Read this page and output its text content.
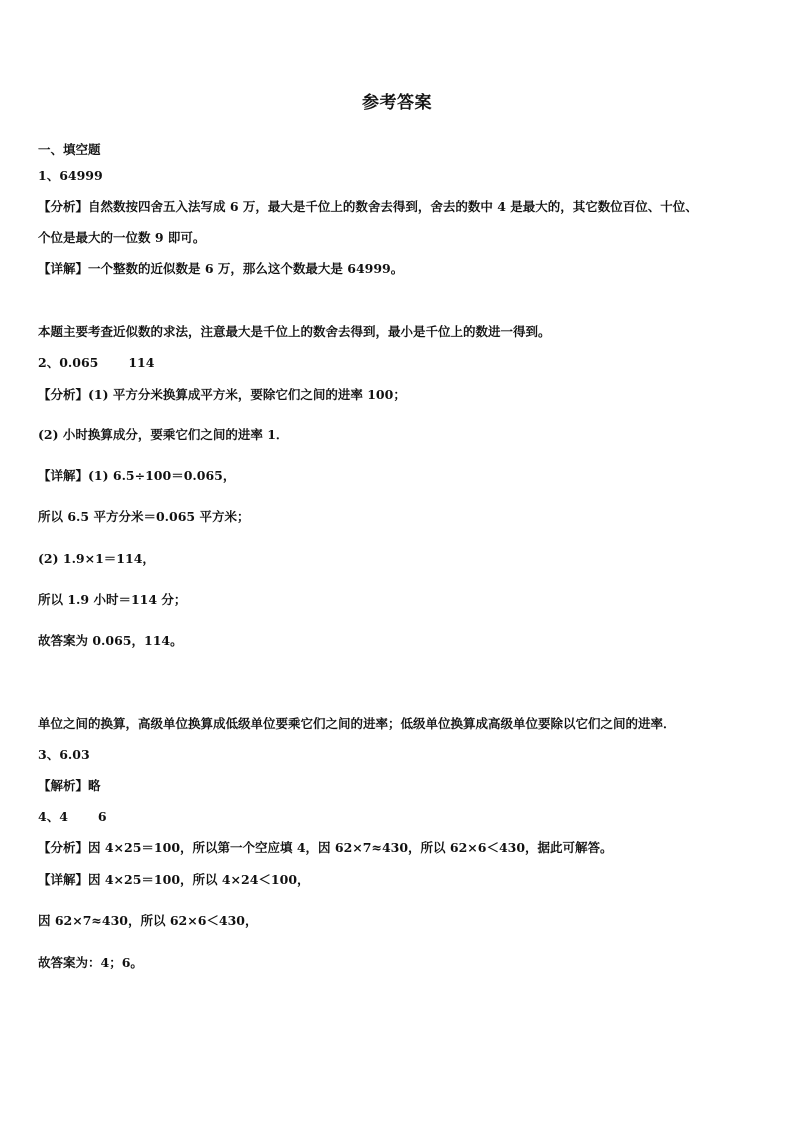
参考答案
一、填空题
1、64999
【分析】自然数按四舍五入法写成 6 万，最大是千位上的数舍去得到，舍去的数中 4 是最大的，其它数位百位、十位、
个位是最大的一位数 9 即可。
【详解】一个整数的近似数是 6 万，那么这个数最大是 64999。
本题主要考查近似数的求法，注意最大是千位上的数舍去得到，最小是千位上的数进一得到。
2、0.065 114
【分析】(1) 平方分米换算成平方米，要除它们之间的进率 100；
(2) 小时换算成分，要乘它们之间的进率 1．
【详解】(1) 6.5÷100＝0.065，
所以 6.5 平方分米＝0.065 平方米；
(2) 1.9×1＝114，
所以 1.9 小时＝114 分；
故答案为 0.065，114。
单位之间的换算，高级单位换算成低级单位要乘它们之间的进率；低级单位换算成高级单位要除以它们之间的进率．
3、6.03
【解析】略
4、4 6
【分析】因 4×25＝100，所以第一个空应填 4，因 62×7≈430，所以 62×6＜430，据此可解答。
【详解】因 4×25＝100，所以 4×24＜100，
因 62×7≈430，所以 62×6＜430，
故答案为：4；6。
